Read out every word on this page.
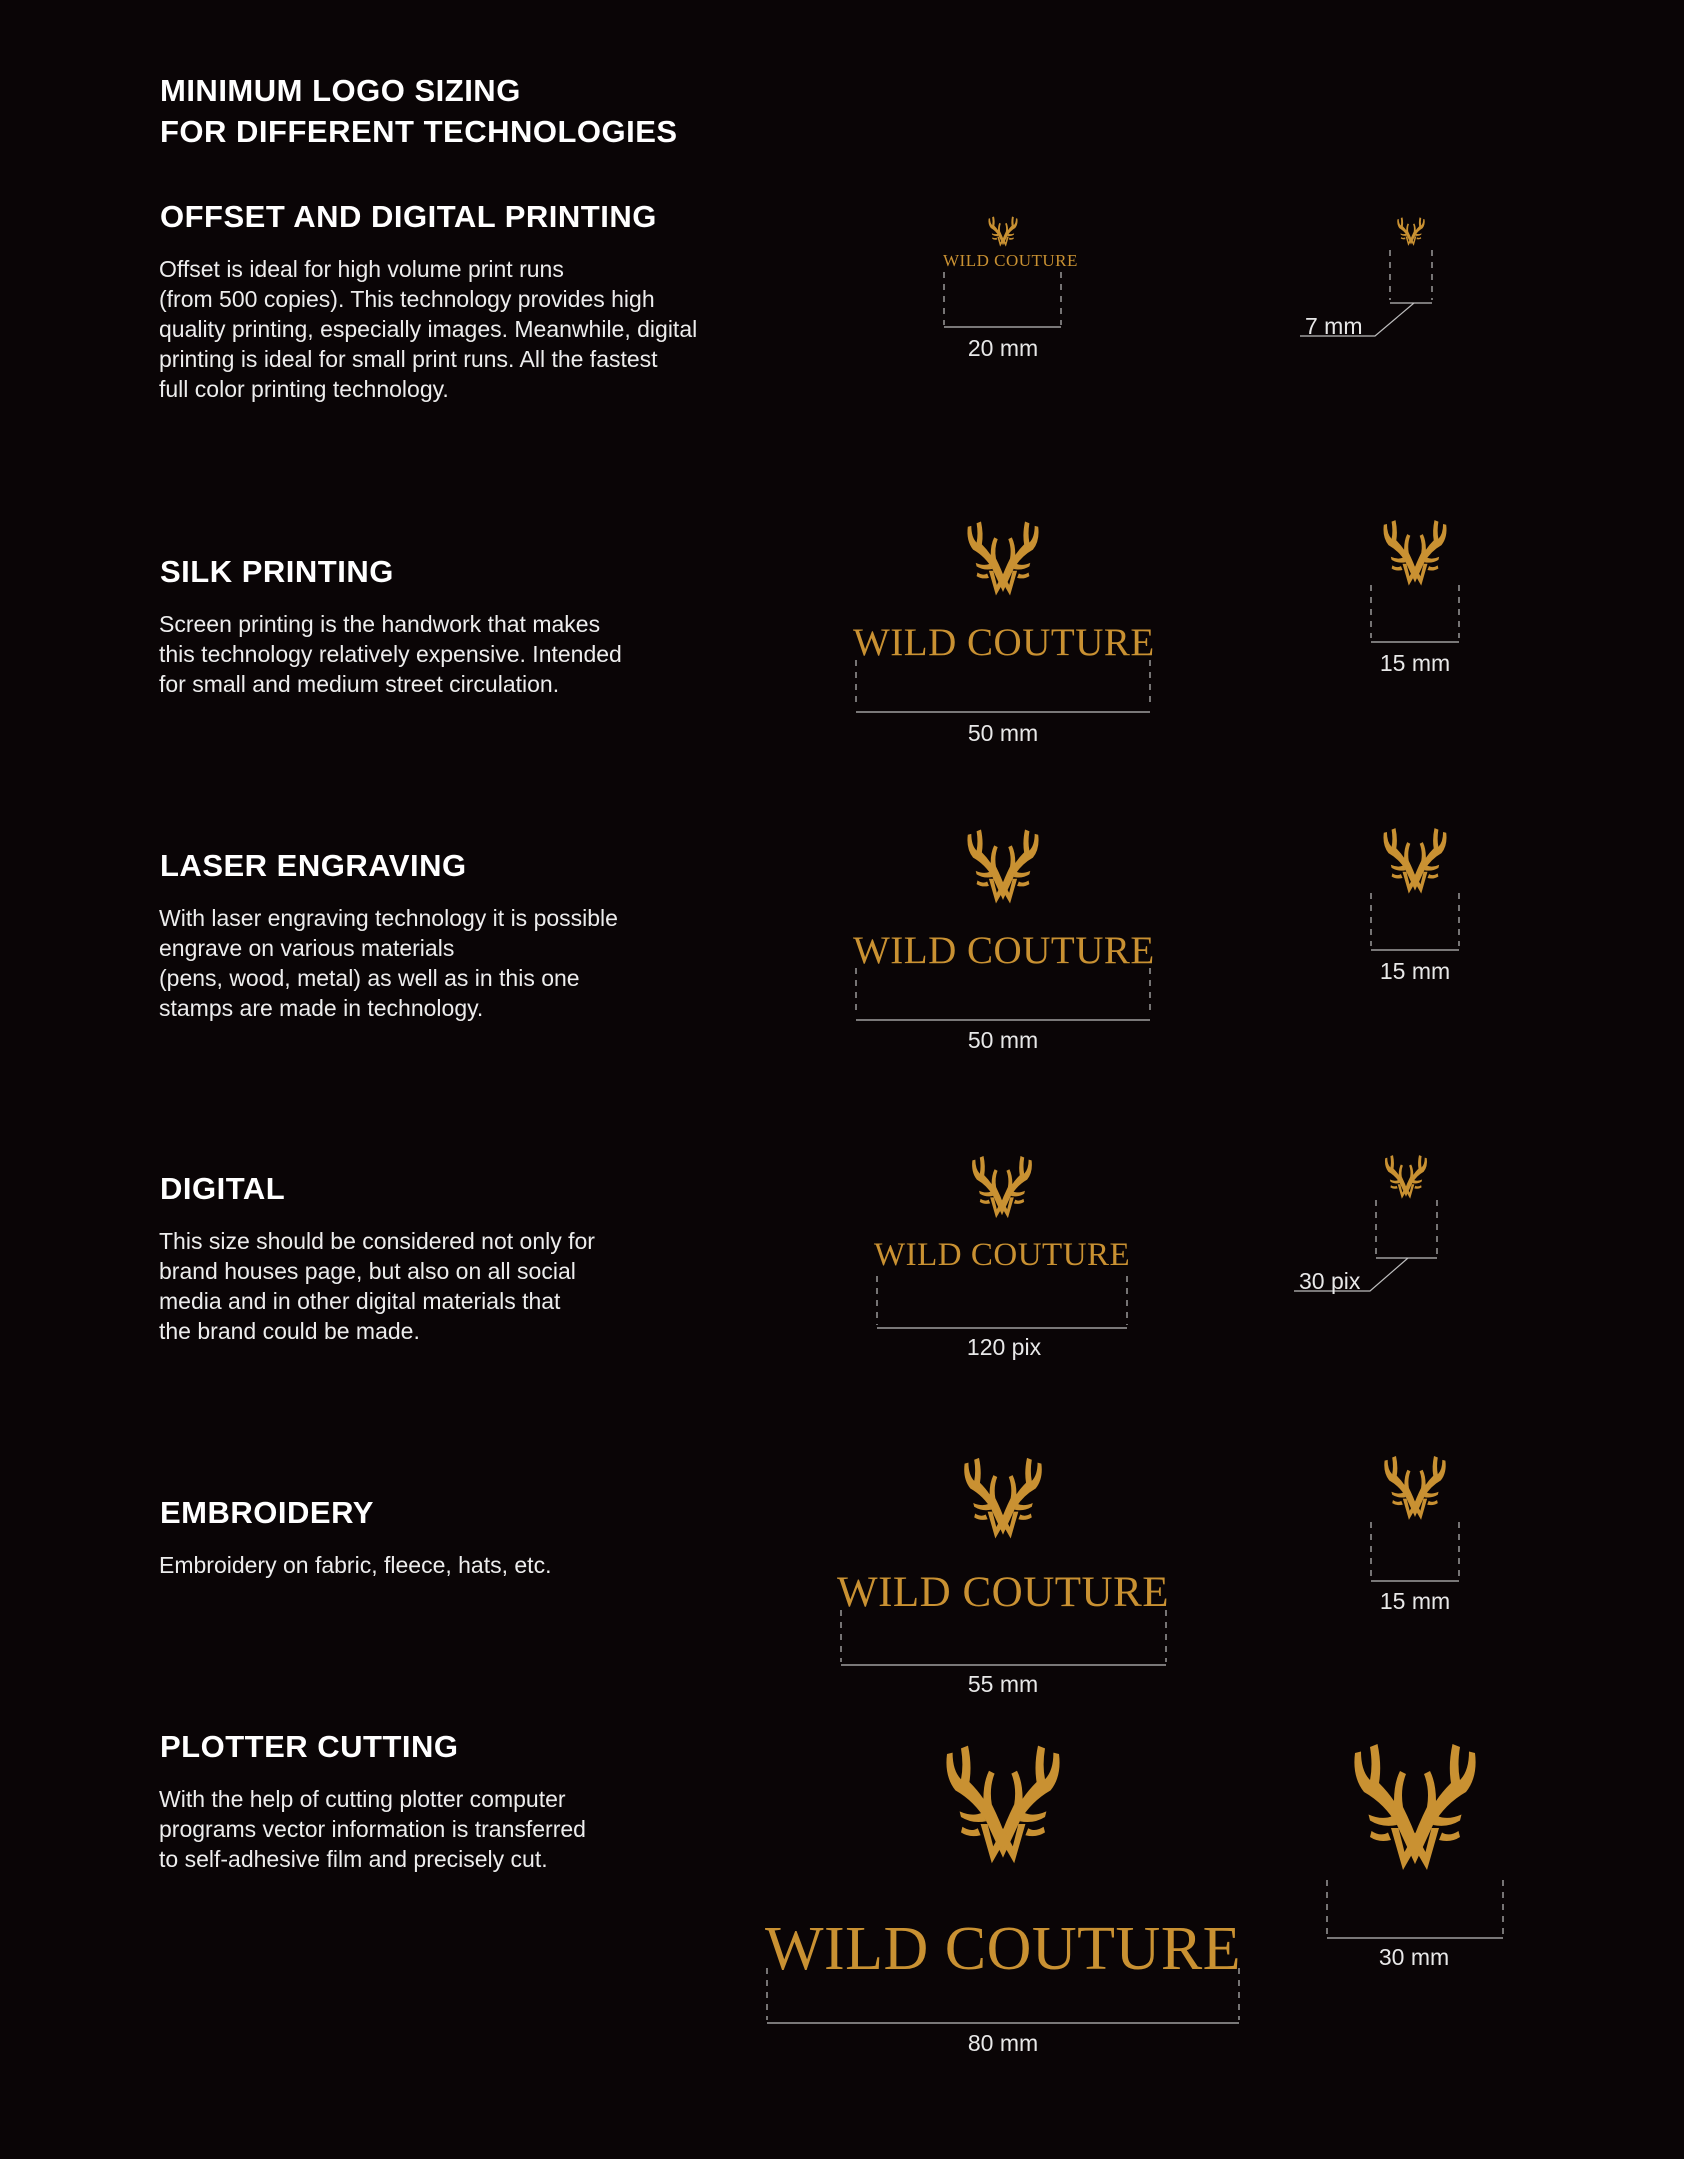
MINIMUM LOGO SIZING
FOR DIFFERENT TECHNOLOGIES
OFFSET AND DIGITAL PRINTING

Offset is ideal for high volume print runs
(from 500 copies). This technology provides high
quality printing, especially images. Meanwhile, digital
printing is ideal for small print runs. All the fastest
full color printing technology.

SILK PRINTING

Screen printing is the handwork that makes
this technology relatively expensive. Intended
for small and medium street circulation.

LASER ENGRAVING

With laser engraving technology it is possible
engrave on various materials
(pens, wood, metal) as well as in this one
stamps are made in technology.

DIGITAL

This size should be considered not only for
brand houses page, but also on all social
media and in other digital materials that
the brand could be made.

EMBROIDERY

Embroidery on fabric, fleece, hats, etc.

PLOTTER CUTTING

With the help of cutting plotter computer
programs vector information is transferred
to self-adhesive film and precisely cut.

WILD COUTURE
WILD COUTURE
WILD COUTURE
WILD COUTURE
WILD COUTURE
WILD COUTURE
20 mm
7 mm
50 mm
15 mm
50 mm
15 mm
120 pix
30 pix
55 mm
15 mm
80 mm
30 mm
